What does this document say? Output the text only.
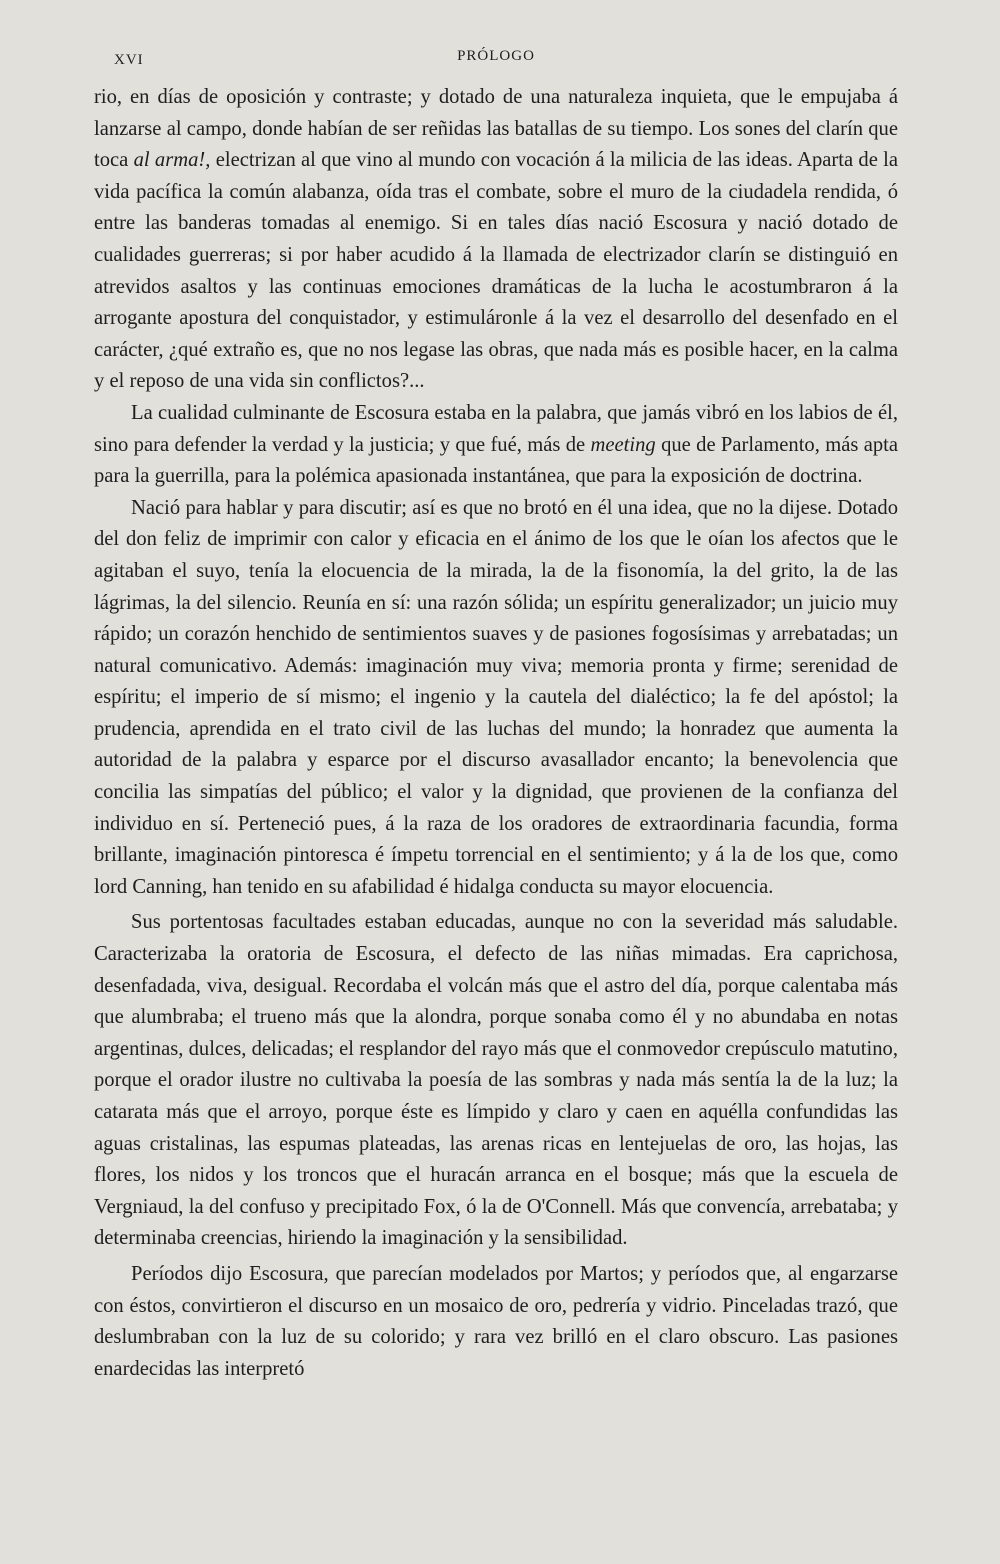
XVI	PRÓLOGO

rio, en días de oposición y contraste; y dotado de una naturaleza inquieta, que le empujaba á lanzarse al campo, donde habían de ser reñidas las batallas de su tiempo. Los sones del clarín que toca al arma!, electrizan al que vino al mundo con vocación á la milicia de las ideas. Aparta de la vida pacífica la común alabanza, oída tras el combate, sobre el muro de la ciudadela rendida, ó entre las banderas tomadas al enemigo. Si en tales días nació Escosura y nació dotado de cualidades guerreras; si por haber acudido á la llamada de electrizador clarín se distinguió en atrevidos asaltos y las continuas emociones dramáticas de la lucha le acostumbraron á la arrogante apostura del conquistador, y estimuláronle á la vez el desarrollo del desenfado en el carácter, ¿qué extraño es, que no nos legase las obras, que nada más es posible hacer, en la calma y el reposo de una vida sin conflictos?...

La cualidad culminante de Escosura estaba en la palabra, que jamás vibró en los labios de él, sino para defender la verdad y la justicia; y que fué, más de meeting que de Parlamento, más apta para la guerrilla, para la polémica apasionada instantánea, que para la exposición de doctrina.

Nació para hablar y para discutir; así es que no brotó en él una idea, que no la dijese. Dotado del don feliz de imprimir con calor y eficacia en el ánimo de los que le oían los afectos que le agitaban el suyo, tenía la elocuencia de la mirada, la de la fisonomía, la del grito, la de las lágrimas, la del silencio. Reunía en sí: una razón sólida; un espíritu generalizador; un juicio muy rápido; un corazón henchido de sentimientos suaves y de pasiones fogosísimas y arrebatadas; un natural comunicativo. Además: imaginación muy viva; memoria pronta y firme; serenidad de espíritu; el imperio de sí mismo; el ingenio y la cautela del dialéctico; la fe del apóstol; la prudencia, aprendida en el trato civil de las luchas del mundo; la honradez que aumenta la autoridad de la palabra y esparce por el discurso avasallador encanto; la benevolencia que concilia las simpatías del público; el valor y la dignidad, que provienen de la confianza del individuo en sí. Perteneció pues, á la raza de los oradores de extraordinaria facundia, forma brillante, imaginación pintoresca é ímpetu torrencial en el sentimiento; y á la de los que, como lord Canning, han tenido en su afabilidad é hidalga conducta su mayor elocuencia.

Sus portentosas facultades estaban educadas, aunque no con la severidad más saludable. Caracterizaba la oratoria de Escosura, el defecto de las niñas mimadas. Era caprichosa, desenfadada, viva, desigual. Recordaba el volcán más que el astro del día, porque calentaba más que alumbraba; el trueno más que la alondra, porque sonaba como él y no abundaba en notas argentinas, dulces, delicadas; el resplandor del rayo más que el conmovedor crepúsculo matutino, porque el orador ilustre no cultivaba la poesía de las sombras y nada más sentía la de la luz; la catarata más que el arroyo, porque éste es límpido y claro y caen en aquélla confundidas las aguas cristalinas, las espumas plateadas, las arenas ricas en lentejuelas de oro, las hojas, las flores, los nidos y los troncos que el huracán arranca en el bosque; más que la escuela de Vergniaud, la del confuso y precipitado Fox, ó la de O'Connell. Más que convencía, arrebataba; y determinaba creencias, hiriendo la imaginación y la sensibilidad.

Períodos dijo Escosura, que parecían modelados por Martos; y períodos que, al engarzarse con éstos, convirtieron el discurso en un mosaico de oro, pedrería y vidrio. Pinceladas trazó, que deslumbraban con la luz de su colorido; y rara vez brilló en el claro obscuro. Las pasiones enardecidas las interpretó
